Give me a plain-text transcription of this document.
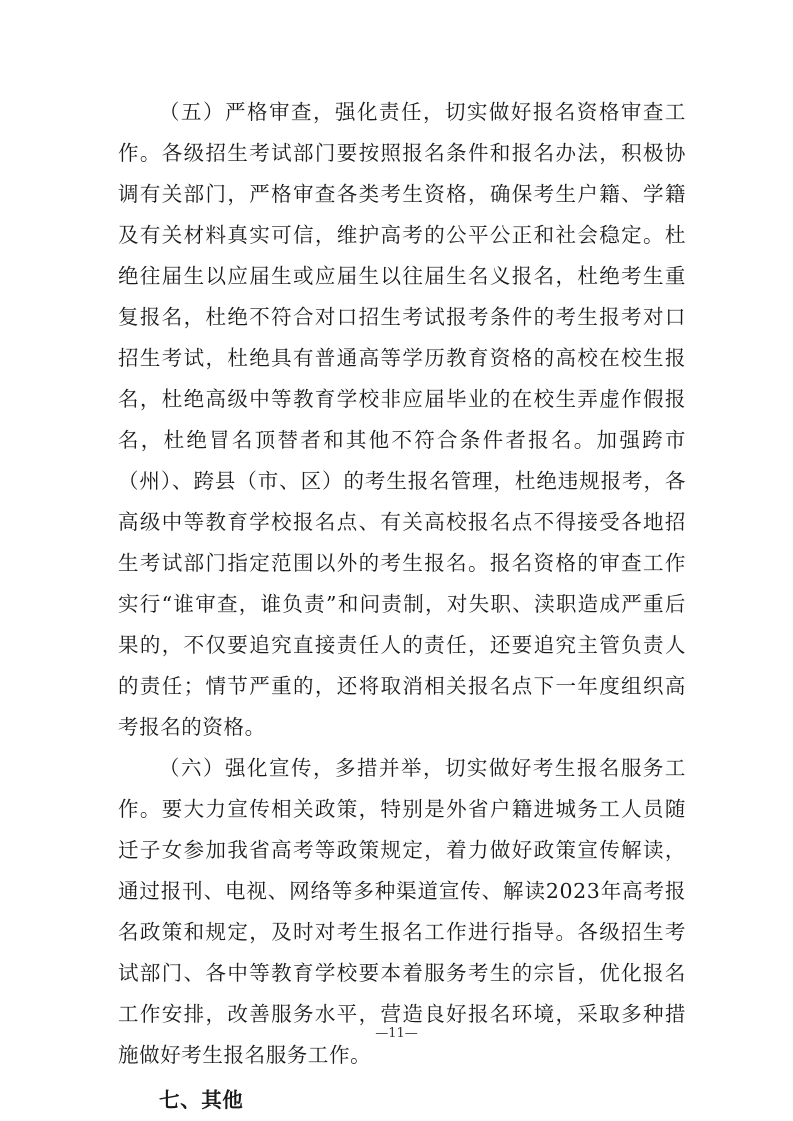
（五）严格审查，强化责任，切实做好报名资格审查工作。各级招生考试部门要按照报名条件和报名办法，积极协调有关部门，严格审查各类考生资格，确保考生户籍、学籍及有关材料真实可信，维护高考的公平公正和社会稳定。杜绝往届生以应届生或应届生以往届生名义报名，杜绝考生重复报名，杜绝不符合对口招生考试报考条件的考生报考对口招生考试，杜绝具有普通高等学历教育资格的高校在校生报名，杜绝高级中等教育学校非应届毕业的在校生弄虚作假报名，杜绝冒名顶替者和其他不符合条件者报名。加强跨市（州）、跨县（市、区）的考生报名管理，杜绝违规报考，各高级中等教育学校报名点、有关高校报名点不得接受各地招生考试部门指定范围以外的考生报名。报名资格的审查工作实行“谁审查，谁负责”和问责制，对失职、渎职造成严重后果的，不仅要追究直接责任人的责任，还要追究主管负责人的责任；情节严重的，还将取消相关报名点下一年度组织高考报名的资格。

（六）强化宣传，多措并举，切实做好考生报名服务工作。要大力宣传相关政策，特别是外省户籍进城务工人员随迁子女参加我省高考等政策规定，着力做好政策宣传解读，通过报刊、电视、网络等多种渠道宣传、解读2023年高考报名政策和规定，及时对考生报名工作进行指导。各级招生考试部门、各中等教育学校要本着服务考生的宗旨，优化报名工作安排，改善服务水平，营造良好报名环境，采取多种措施做好考生报名服务工作。

七、其他

—11—
